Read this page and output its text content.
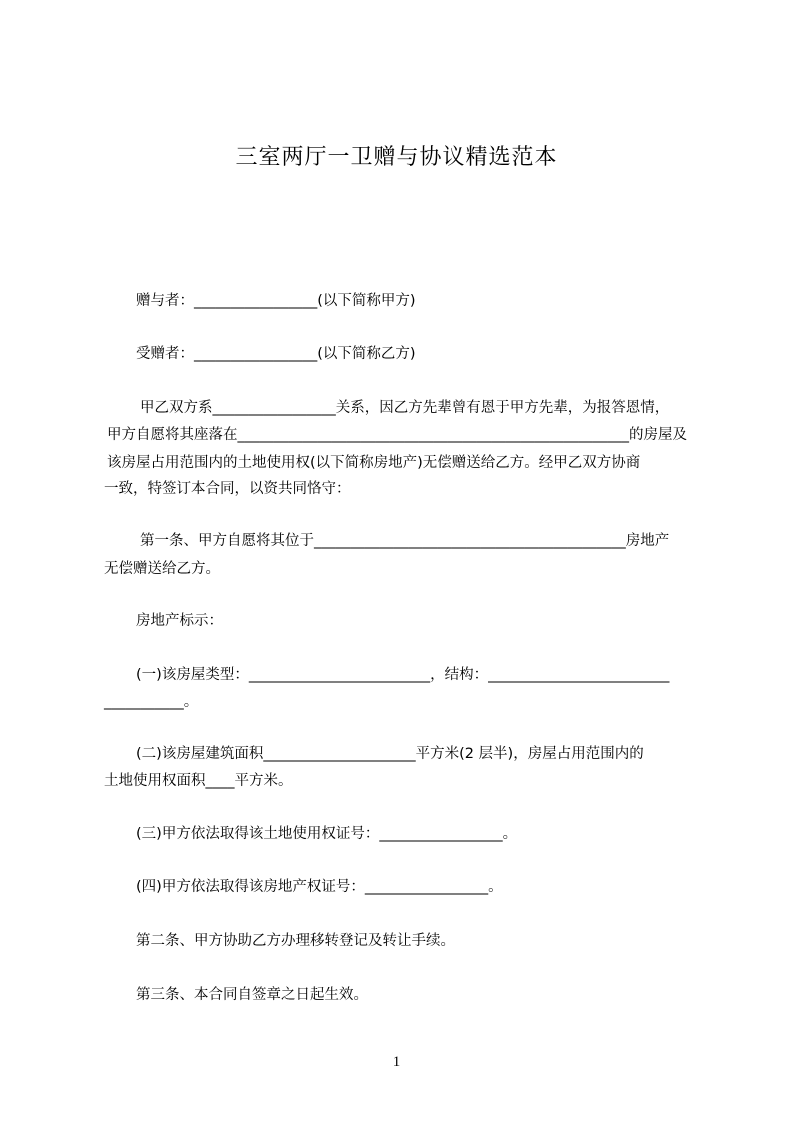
三室两厅一卫赠与协议精选范本
赠与者：_________________(以下简称甲方)
受赠者：_________________(以下简称乙方)
甲乙双方系_________________关系，因乙方先辈曾有恩于甲方先辈，为报答恩情，
甲方自愿将其座落在______________________________________________________的房屋及
该房屋占用范围内的土地使用权(以下简称房地产)无偿赠送给乙方。经甲乙双方协商
一致，特签订本合同，以资共同恪守：
第一条、甲方自愿将其位于___________________________________________房地产
无偿赠送给乙方。
房地产标示：
(一)该房屋类型：_________________________，结构：_________________________
___________。
(二)该房屋建筑面积_____________________平方米(2 层半)，房屋占用范围内的
土地使用权面积____平方米。
(三)甲方依法取得该土地使用权证号：_________________。
(四)甲方依法取得该房地产权证号：_________________。
第二条、甲方协助乙方办理移转登记及转让手续。
第三条、本合同自签章之日起生效。
1
